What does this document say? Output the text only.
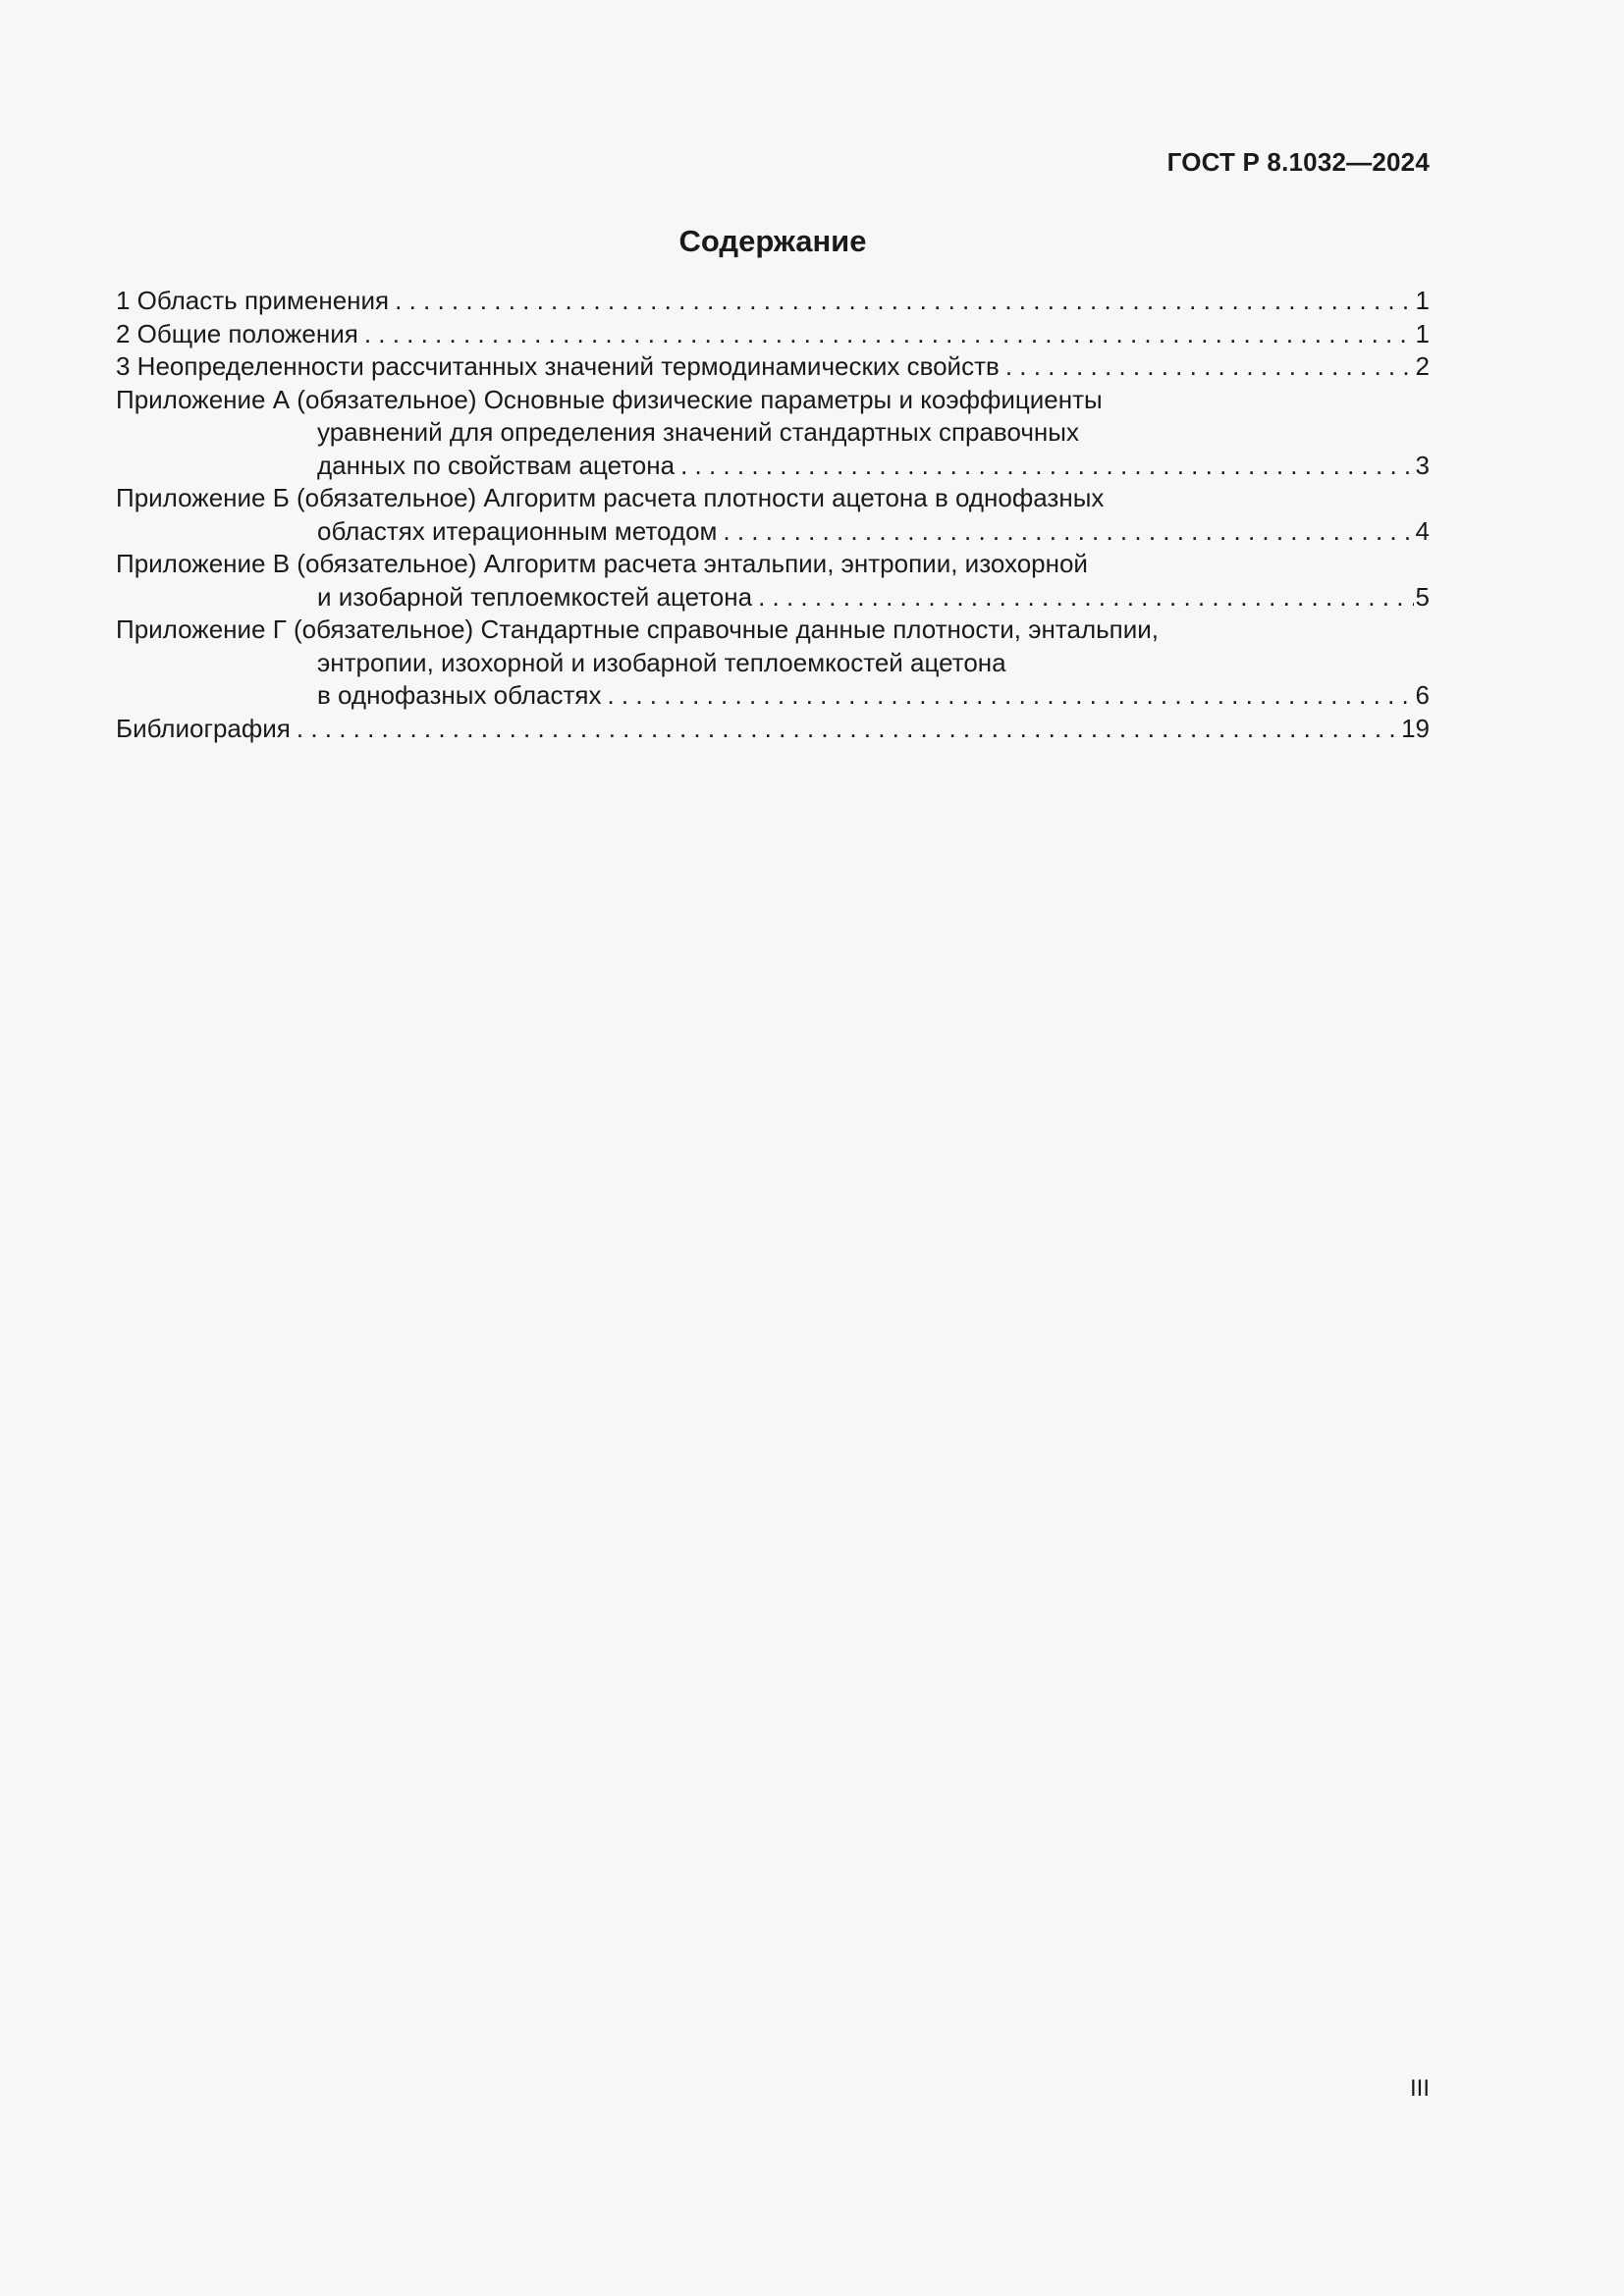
ГОСТ Р 8.1032—2024
Содержание
1 Область применения . . .	1
2 Общие положения . . .	1
3 Неопределенности рассчитанных значений термодинамических свойств . . .	2
Приложение А (обязательное) Основные физические параметры и коэффициенты
уравнений для определения значений стандартных справочных
данных по свойствам ацетона . . .	3
Приложение Б (обязательное) Алгоритм расчета плотности ацетона в однофазных
областях итерационным методом . . .	4
Приложение В (обязательное) Алгоритм расчета энтальпии, энтропии, изохорной
и изобарной теплоемкостей ацетона . . .	5
Приложение Г (обязательное) Стандартные справочные данные плотности, энтальпии,
энтропии, изохорной и изобарной теплоемкостей ацетона
в однофазных областях . . .	6
Библиография . . .	19
III
